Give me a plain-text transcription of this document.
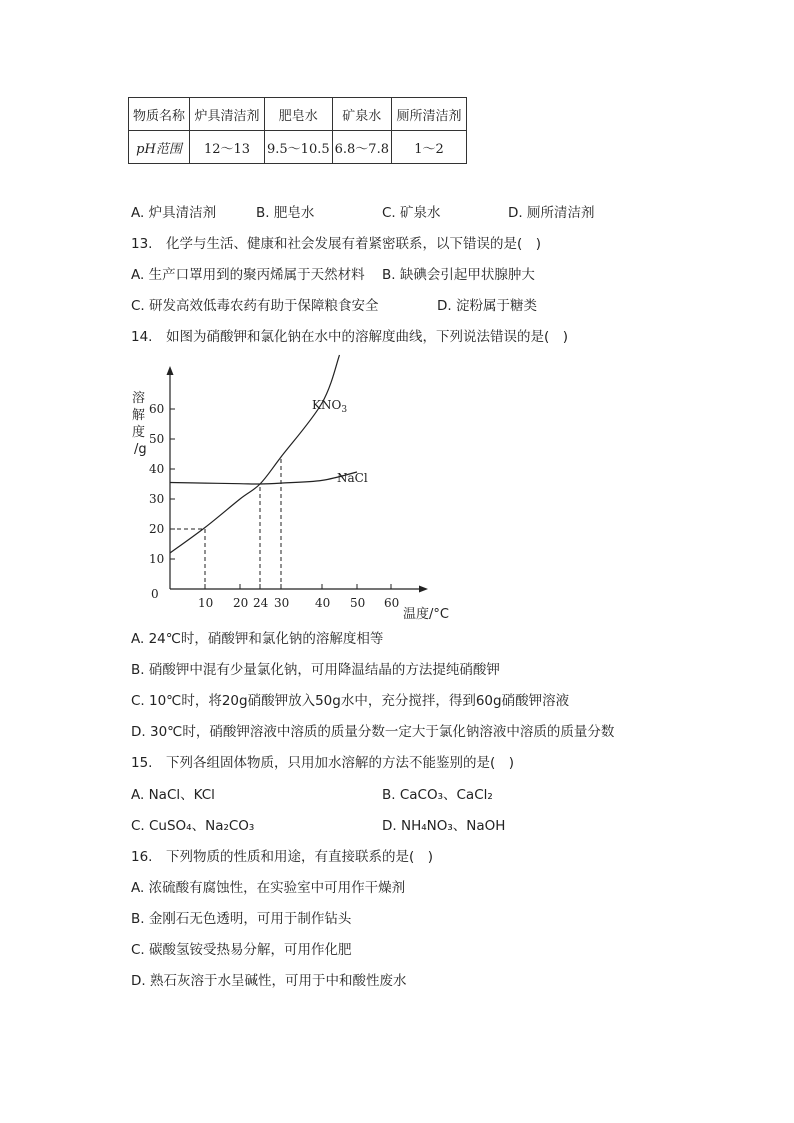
物质名称	炉具清洁剂	肥皂水	矿泉水	厕所清洁剂
pH范围	12～13	9.5～10.5	6.8～7.8	1～2
A. 炉具清洁剂	B. 肥皂水	C. 矿泉水	D. 厕所清洁剂
13.　化学与生活、健康和社会发展有着紧密联系，以下错误的是(　)
A. 生产口罩用到的聚丙烯属于天然材料 B. 缺碘会引起甲状腺肿大
C. 研发高效低毒农药有助于保障粮食安全	D. 淀粉属于糖类
14.　如图为硝酸钾和氯化钠在水中的溶解度曲线，下列说法错误的是(　)
溶解度/g
0
10
20
30
40
50
60
10 20 24 30 40 50 60
$KNO_3$
NaCl
温度/°C
A. 24℃时，硝酸钾和氯化钠的溶解度相等
B. 硝酸钾中混有少量氯化钠，可用降温结晶的方法提纯硝酸钾
C. 10℃时，将20g硝酸钾放入50g水中，充分搅拌，得到60g硝酸钾溶液
D. 30℃时，硝酸钾溶液中溶质的质量分数一定大于氯化钠溶液中溶质的质量分数
15.　下列各组固体物质，只用加水溶解的方法不能鉴别的是(　)
A. NaCl、KCl	B. CaCO₃、CaCl₂
C. CuSO₄、Na₂CO₃	D. NH₄NO₃、NaOH
16.　下列物质的性质和用途，有直接联系的是(　)
A. 浓硫酸有腐蚀性，在实验室中可用作干燥剂
B. 金刚石无色透明，可用于制作钻头
C. 碳酸氢铵受热易分解，可用作化肥
D. 熟石灰溶于水呈碱性，可用于中和酸性废水
